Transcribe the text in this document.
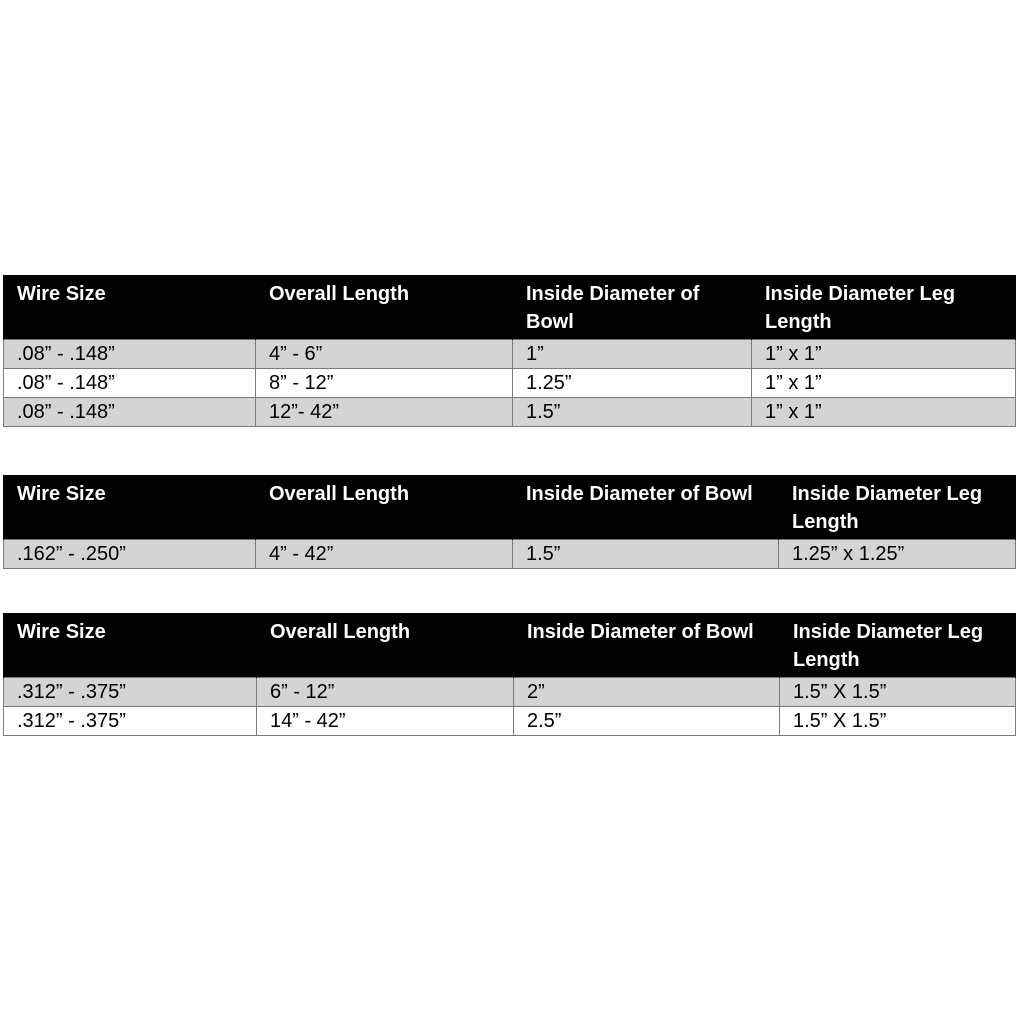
Wire Size	Overall Length	Inside Diameter of Bowl	Inside Diameter Leg Length
.08” - .148”	4” - 6”	1”	1” x 1”
.08” - .148”	8” - 12”	1.25”	1” x 1”
.08” - .148”	12”- 42”	1.5”	1” x 1”
Wire Size	Overall Length	Inside Diameter of Bowl	Inside Diameter Leg Length
.162” - .250”	4” - 42”	1.5”	1.25” x 1.25”
Wire Size	Overall Length	Inside Diameter of Bowl	Inside Diameter Leg Length
.312” - .375”	6” - 12”	2”	1.5” X 1.5”
.312” - .375”	14” - 42”	2.5”	1.5” X 1.5”
